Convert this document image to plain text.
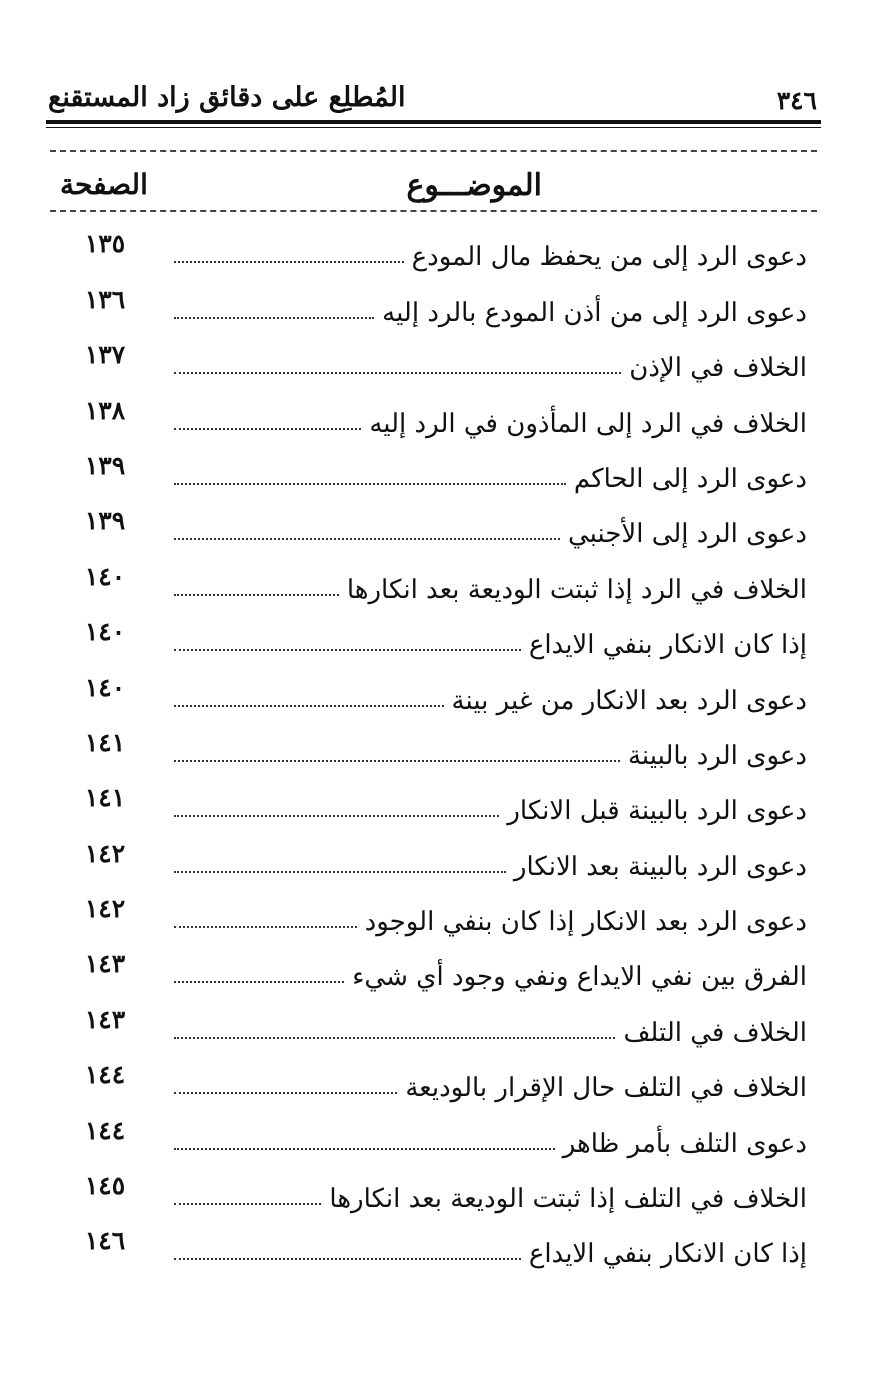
٣٤٦
المُطلِع على دقائق زاد المستقنع
الموضـــوع
الصفحة
دعوى الرد إلى من يحفظ مال المودع
١٣٥
دعوى الرد إلى من أذن المودع بالرد إليه
١٣٦
الخلاف في الإذن
١٣٧
الخلاف في الرد إلى المأذون في الرد إليه
١٣٨
دعوى الرد إلى الحاكم
١٣٩
دعوى الرد إلى الأجنبي
١٣٩
الخلاف في الرد إذا ثبتت الوديعة بعد انكارها
١٤٠
إذا كان الانكار بنفي الايداع
١٤٠
دعوى الرد بعد الانكار من غير بينة
١٤٠
دعوى الرد بالبينة
١٤١
دعوى الرد بالبينة قبل الانكار
١٤١
دعوى الرد بالبينة بعد الانكار
١٤٢
دعوى الرد بعد الانكار إذا كان بنفي الوجود
١٤٢
الفرق بين نفي الايداع ونفي وجود أي شيء
١٤٣
الخلاف في التلف
١٤٣
الخلاف في التلف حال الإقرار بالوديعة
١٤٤
دعوى التلف بأمر ظاهر
١٤٤
الخلاف في التلف إذا ثبتت الوديعة بعد انكارها
١٤٥
إذا كان الانكار بنفي الايداع
١٤٦
